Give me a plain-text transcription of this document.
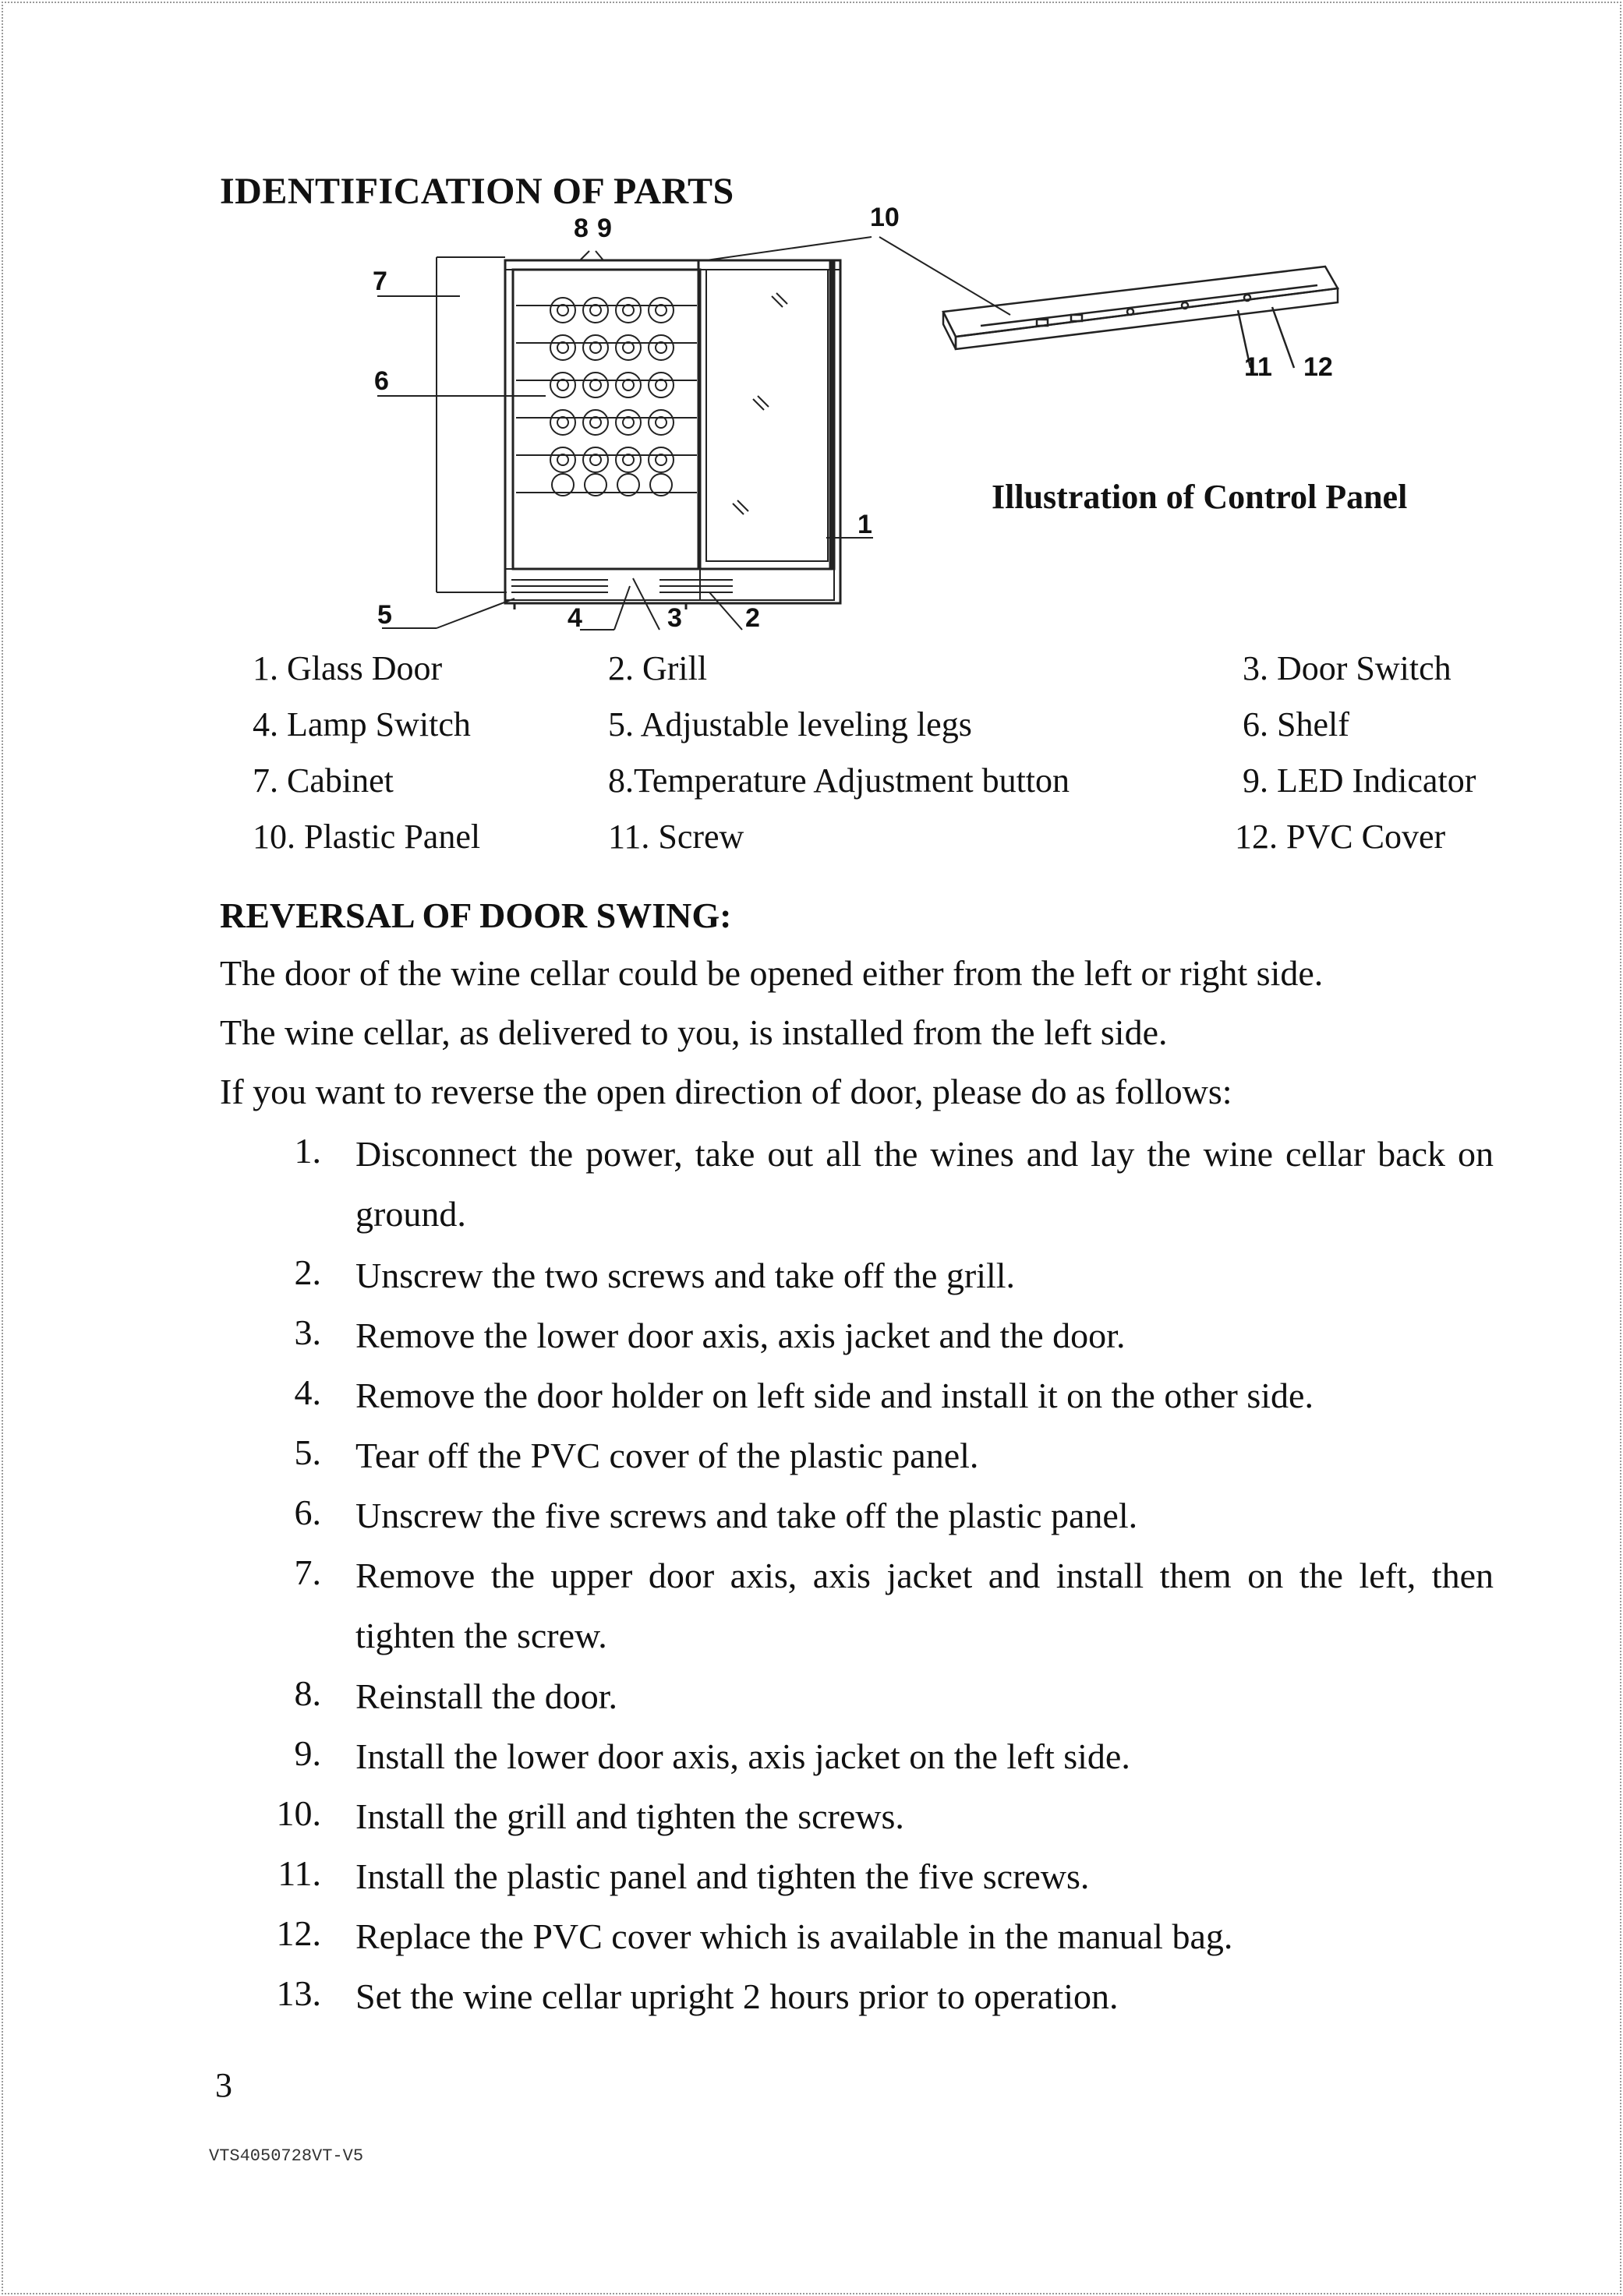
IDENTIFICATION OF PARTS
7
6
5
1
4	3 2
8 9	10
11 12
Illustration of Control Panel
1. Glass Door	2. Grill	3. Door Switch
4. Lamp Switch	5. Adjustable leveling legs	6. Shelf
7. Cabinet	8.Temperature Adjustment button	9. LED Indicator
10. Plastic Panel	11. Screw	12. PVC Cover
REVERSAL OF DOOR SWING:
The door of the wine cellar could be opened either from the left or right side.
The wine cellar, as delivered to you, is installed from the left side.
If you want to reverse the open direction of door, please do as follows:
1. Disconnect the power, take out all the wines and lay the wine cellar back on ground.
2. Unscrew the two screws and take off the grill.
3. Remove the lower door axis, axis jacket and the door.
4. Remove the door holder on left side and install it on the other side.
5. Tear off the PVC cover of the plastic panel.
6. Unscrew the five screws and take off the plastic panel.
7. Remove the upper door axis, axis jacket and install them on the left, then tighten the screw.
8. Reinstall the door.
9. Install the lower door axis, axis jacket on the left side.
10. Install the grill and tighten the screws.
11. Install the plastic panel and tighten the five screws.
12. Replace the PVC cover which is available in the manual bag.
13. Set the wine cellar upright 2 hours prior to operation.
3
VTS4050728VT-V5
